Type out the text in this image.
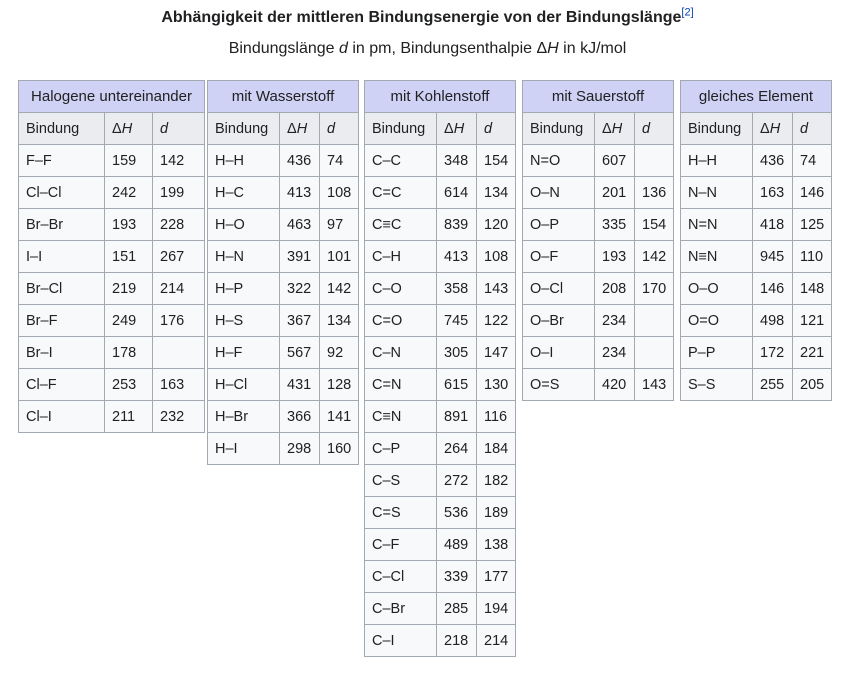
Abhängigkeit der mittleren Bindungsenergie von der Bindungslänge[2]
Bindungslänge d in pm, Bindungsenthalpie ΔH in kJ/mol
Halogene untereinander		
Bindung	ΔH	d
F–F	159	142
Cl–Cl	242	199
Br–Br	193	228
I–I	151	267
Br–Cl	219	214
Br–F	249	176
Br–I	178	
Cl–F	253	163
Cl–I	211	232
mit Wasserstoff		
Bindung	ΔH	d
H–H	436	74
H–C	413	108
H–O	463	97
H–N	391	101
H–P	322	142
H–S	367	134
H–F	567	92
H–Cl	431	128
H–Br	366	141
H–I	298	160
mit Kohlenstoff		
Bindung	ΔH	d
C–C	348	154
C=C	614	134
C≡C	839	120
C–H	413	108
C–O	358	143
C=O	745	122
C–N	305	147
C=N	615	130
C≡N	891	116
C–P	264	184
C–S	272	182
C=S	536	189
C–F	489	138
C–Cl	339	177
C–Br	285	194
C–I	218	214
mit Sauerstoff		
Bindung	ΔH	d
N=O	607	
O–N	201	136
O–P	335	154
O–F	193	142
O–Cl	208	170
O–Br	234	
O–I	234	
O=S	420	143
gleiches Element		
Bindung	ΔH	d
H–H	436	74
N–N	163	146
N=N	418	125
N≡N	945	110
O–O	146	148
O=O	498	121
P–P	172	221
S–S	255	205
